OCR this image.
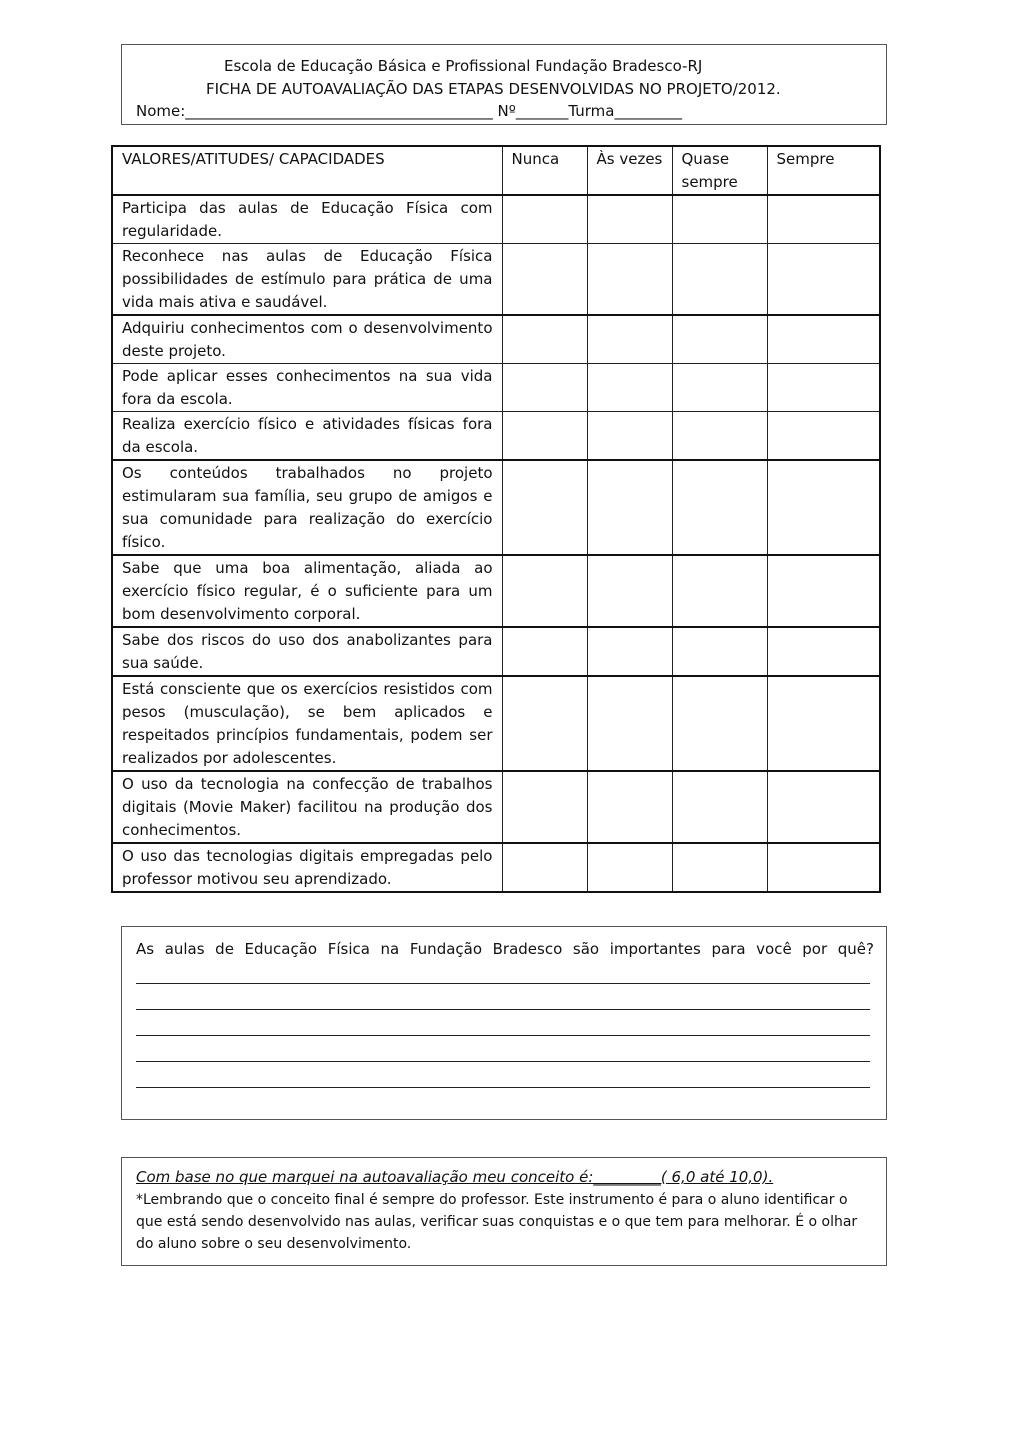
Escola de Educação Básica e Profissional Fundação Bradesco-RJ
FICHA DE AUTOAVALIAÇÃO DAS ETAPAS DESENVOLVIDAS NO PROJETO/2012.
Nome:_________________________________________ Nº_______Turma_________
VALORES/ATITUDES/ CAPACIDADES	Nunca	Às vezes	Quase sempre	Sempre
Participa das aulas de Educação Física com regularidade.				
Reconhece nas aulas de Educação Física possibilidades de estímulo para prática de uma vida mais ativa e saudável.				
Adquiriu conhecimentos com o desenvolvimento deste projeto.				
Pode aplicar esses conhecimentos na sua vida fora da escola.				
Realiza exercício físico e atividades físicas fora da escola.				
Os conteúdos trabalhados no projeto estimularam sua família, seu grupo de amigos e sua comunidade para realização do exercício físico.				
Sabe que uma boa alimentação, aliada ao exercício físico regular, é o suficiente para um bom desenvolvimento corporal.				
Sabe dos riscos do uso dos anabolizantes para sua saúde.				
Está consciente que os exercícios resistidos com pesos (musculação), se bem aplicados e respeitados princípios fundamentais, podem ser realizados por adolescentes.				
O uso da tecnologia na confecção de trabalhos digitais (Movie Maker) facilitou na produção dos conhecimentos.				
O uso das tecnologias digitais empregadas pelo professor motivou seu aprendizado.				
As aulas de Educação Física na Fundação Bradesco são importantes para você por quê?
Com base no que marquei na autoavaliação meu conceito é:_________( 6,0 até 10,0).
*Lembrando que o conceito final é sempre do professor. Este instrumento é para o aluno identificar o que está sendo desenvolvido nas aulas, verificar suas conquistas e o que tem para melhorar. É o olhar do aluno sobre o seu desenvolvimento.
